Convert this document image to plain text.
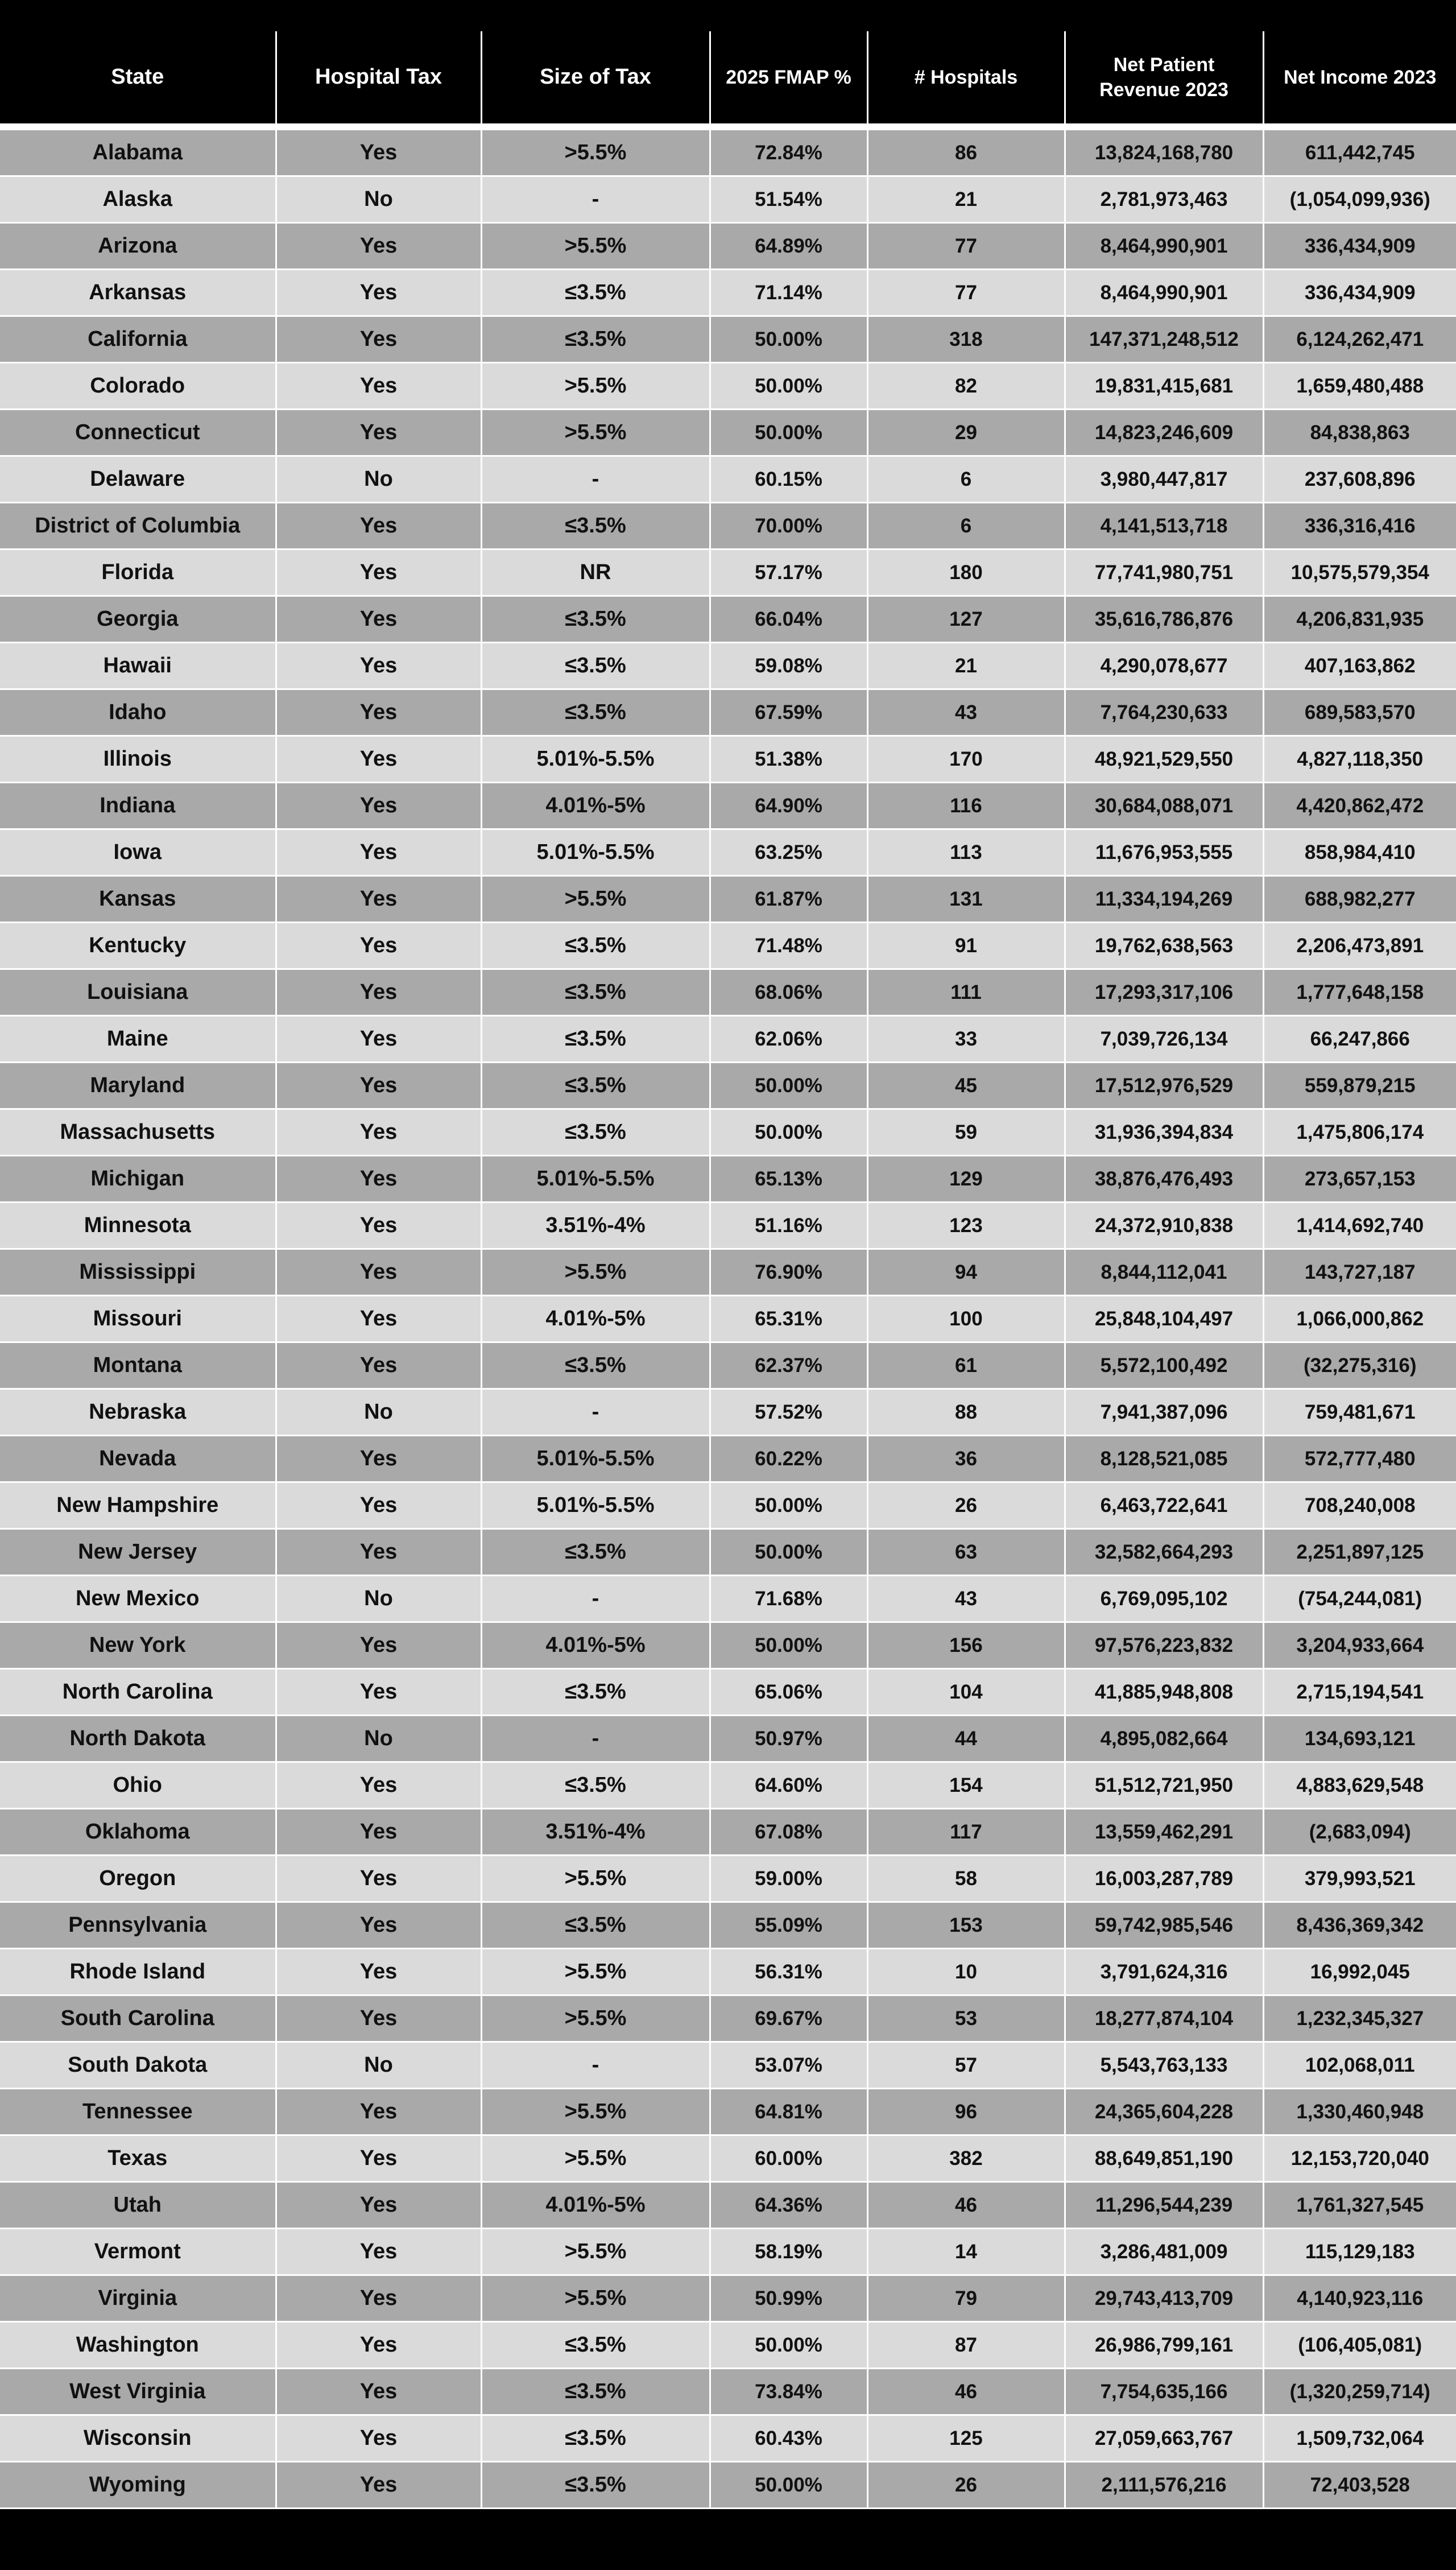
State	Hospital Tax	Size of Tax	2025 FMAP %	# Hospitals	Net Patient Revenue 2023	Net Income 2023
Alabama	Yes	>5.5%	72.84%	86	13,824,168,780	611,442,745
Alaska	No	-	51.54%	21	2,781,973,463	(1,054,099,936)
Arizona	Yes	>5.5%	64.89%	77	8,464,990,901	336,434,909
Arkansas	Yes	≤3.5%	71.14%	77	8,464,990,901	336,434,909
California	Yes	≤3.5%	50.00%	318	147,371,248,512	6,124,262,471
Colorado	Yes	>5.5%	50.00%	82	19,831,415,681	1,659,480,488
Connecticut	Yes	>5.5%	50.00%	29	14,823,246,609	84,838,863
Delaware	No	-	60.15%	6	3,980,447,817	237,608,896
District of Columbia	Yes	≤3.5%	70.00%	6	4,141,513,718	336,316,416
Florida	Yes	NR	57.17%	180	77,741,980,751	10,575,579,354
Georgia	Yes	≤3.5%	66.04%	127	35,616,786,876	4,206,831,935
Hawaii	Yes	≤3.5%	59.08%	21	4,290,078,677	407,163,862
Idaho	Yes	≤3.5%	67.59%	43	7,764,230,633	689,583,570
Illinois	Yes	5.01%-5.5%	51.38%	170	48,921,529,550	4,827,118,350
Indiana	Yes	4.01%-5%	64.90%	116	30,684,088,071	4,420,862,472
Iowa	Yes	5.01%-5.5%	63.25%	113	11,676,953,555	858,984,410
Kansas	Yes	>5.5%	61.87%	131	11,334,194,269	688,982,277
Kentucky	Yes	≤3.5%	71.48%	91	19,762,638,563	2,206,473,891
Louisiana	Yes	≤3.5%	68.06%	111	17,293,317,106	1,777,648,158
Maine	Yes	≤3.5%	62.06%	33	7,039,726,134	66,247,866
Maryland	Yes	≤3.5%	50.00%	45	17,512,976,529	559,879,215
Massachusetts	Yes	≤3.5%	50.00%	59	31,936,394,834	1,475,806,174
Michigan	Yes	5.01%-5.5%	65.13%	129	38,876,476,493	273,657,153
Minnesota	Yes	3.51%-4%	51.16%	123	24,372,910,838	1,414,692,740
Mississippi	Yes	>5.5%	76.90%	94	8,844,112,041	143,727,187
Missouri	Yes	4.01%-5%	65.31%	100	25,848,104,497	1,066,000,862
Montana	Yes	≤3.5%	62.37%	61	5,572,100,492	(32,275,316)
Nebraska	No	-	57.52%	88	7,941,387,096	759,481,671
Nevada	Yes	5.01%-5.5%	60.22%	36	8,128,521,085	572,777,480
New Hampshire	Yes	5.01%-5.5%	50.00%	26	6,463,722,641	708,240,008
New Jersey	Yes	≤3.5%	50.00%	63	32,582,664,293	2,251,897,125
New Mexico	No	-	71.68%	43	6,769,095,102	(754,244,081)
New York	Yes	4.01%-5%	50.00%	156	97,576,223,832	3,204,933,664
North Carolina	Yes	≤3.5%	65.06%	104	41,885,948,808	2,715,194,541
North Dakota	No	-	50.97%	44	4,895,082,664	134,693,121
Ohio	Yes	≤3.5%	64.60%	154	51,512,721,950	4,883,629,548
Oklahoma	Yes	3.51%-4%	67.08%	117	13,559,462,291	(2,683,094)
Oregon	Yes	>5.5%	59.00%	58	16,003,287,789	379,993,521
Pennsylvania	Yes	≤3.5%	55.09%	153	59,742,985,546	8,436,369,342
Rhode Island	Yes	>5.5%	56.31%	10	3,791,624,316	16,992,045
South Carolina	Yes	>5.5%	69.67%	53	18,277,874,104	1,232,345,327
South Dakota	No	-	53.07%	57	5,543,763,133	102,068,011
Tennessee	Yes	>5.5%	64.81%	96	24,365,604,228	1,330,460,948
Texas	Yes	>5.5%	60.00%	382	88,649,851,190	12,153,720,040
Utah	Yes	4.01%-5%	64.36%	46	11,296,544,239	1,761,327,545
Vermont	Yes	>5.5%	58.19%	14	3,286,481,009	115,129,183
Virginia	Yes	>5.5%	50.99%	79	29,743,413,709	4,140,923,116
Washington	Yes	≤3.5%	50.00%	87	26,986,799,161	(106,405,081)
West Virginia	Yes	≤3.5%	73.84%	46	7,754,635,166	(1,320,259,714)
Wisconsin	Yes	≤3.5%	60.43%	125	27,059,663,767	1,509,732,064
Wyoming	Yes	≤3.5%	50.00%	26	2,111,576,216	72,403,528
